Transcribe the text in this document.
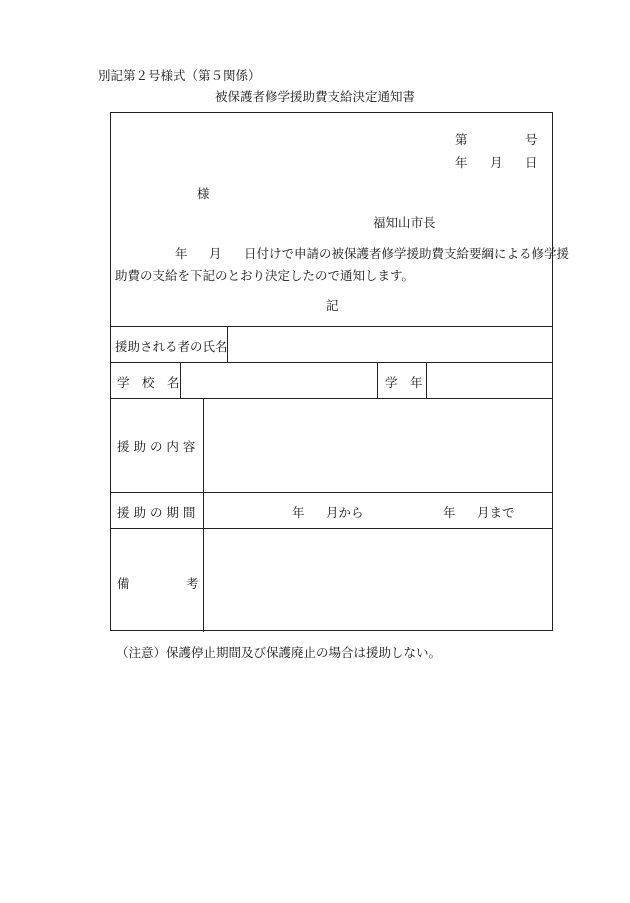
別記第２号様式（第５関係）
被保護者修学援助費支給決定通知書
第	号
年 月 日
様
福知山市長
年 月 日付けで申請の被保護者修学援助費支給要綱による修学援
助費の支給を下記のとおり決定したので通知します。
記
援助される者の氏名
学　校　名	学　年
援 助 の 内 容
援 助 の 期 間	年 月から	年 月まで
備	考
（注意）保護停止期間及び保護廃止の場合は援助しない。
